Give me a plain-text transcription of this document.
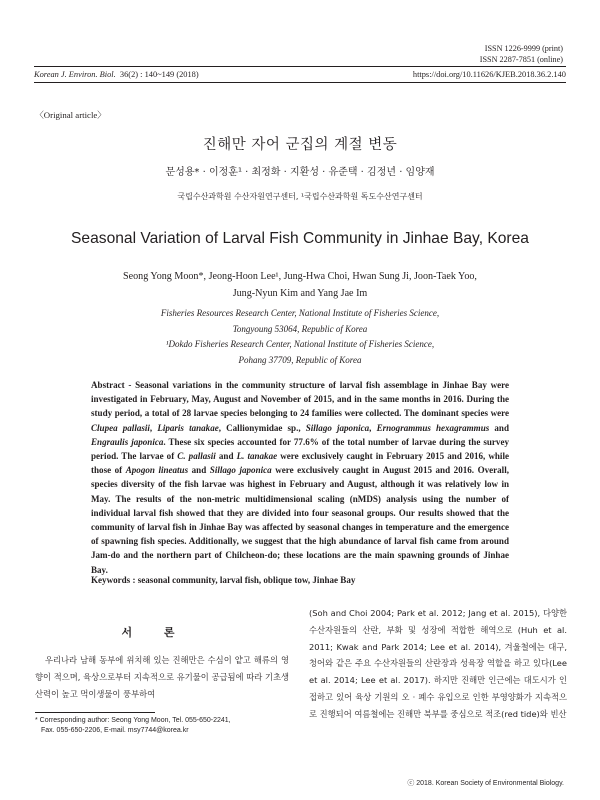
ISSN 1226-9999 (print)
ISSN 2287-7851 (online)
Korean J. Environ. Biol. 36(2) : 140~149 (2018)	https://doi.org/10.11626/KJEB.2018.36.2.140
〈Original article〉
진해만 자어 군집의 계절 변동
문성용* · 이정훈¹ · 최정화 · 지환성 · 유준택 · 김정년 · 임양재
국립수산과학원 수산자원연구센터, ¹국립수산과학원 독도수산연구센터
Seasonal Variation of Larval Fish Community in Jinhae Bay, Korea
Seong Yong Moon*, Jeong-Hoon Lee¹, Jung-Hwa Choi, Hwan Sung Ji, Joon-Taek Yoo,
Jung-Nyun Kim and Yang Jae Im
Fisheries Resources Research Center, National Institute of Fisheries Science,
Tongyoung 53064, Republic of Korea
¹Dokdo Fisheries Research Center, National Institute of Fisheries Science,
Pohang 37709, Republic of Korea
Abstract - Seasonal variations in the community structure of larval fish assemblage in Jinhae Bay were investigated in February, May, August and November of 2015, and in the same months in 2016. During the study period, a total of 28 larvae species belonging to 24 families were collected. The dominant species were Clupea pallasii, Liparis tanakae, Callionymidae sp., Sillago japonica, Ernogrammus hexagrammus and Engraulis japonica. These six species accounted for 77.6% of the total number of larvae during the survey period. The larvae of C. pallasii and L. tanakae were exclusively caught in February 2015 and 2016, while those of Apogon lineatus and Sillago japonica were exclusively caught in August 2015 and 2016. Overall, species diversity of the fish larvae was highest in February and August, although it was relatively low in May. The results of the non-metric multidimensional scaling (nMDS) analysis using the number of individual larval fish showed that they are divided into four seasonal groups. Our results showed that the community of larval fish in Jinhae Bay was affected by seasonal changes in temperature and the emergence of spawning fish species. Additionally, we suggest that the high abundance of larval fish came from around Jam-do and the northern part of Chilcheon-do; these locations are the main spawning grounds of Jinhae Bay.
Keywords : seasonal community, larval fish, oblique tow, Jinhae Bay
서 론

우리나라 남해 동부에 위치해 있는 진해만은 수심이 얕고 해류의 영향이 적으며, 육상으로부터 지속적으로 유기물이 공급됨에 따라 기초생산력이 높고 먹이생물이 풍부하여

(Soh and Choi 2004; Park et al. 2012; Jang et al. 2015), 다양한 수산자원들의 산란, 부화 및 성장에 적합한 해역으로 (Huh et al. 2011; Kwak and Park 2014; Lee et al. 2014), 겨울철에는 대구, 청어와 같은 주요 수산자원들의 산란장과 성육장 역할을 하고 있다(Lee et al. 2014; Lee et al. 2017). 하지만 진해만 인근에는 대도시가 인접하고 있어 육상 기원의 오 · 폐수 유입으로 인한 부영양화가 지속적으로 진행되어 여름철에는 진해만 북부를 중심으로 적조(red tide)와 빈산

* Corresponding author: Seong Yong Moon, Tel. 055-650-2241,

Fax. 055-650-2206, E-mail. msy7744@korea.kr

ⓒ 2018. Korean Society of Environmental Biology.
